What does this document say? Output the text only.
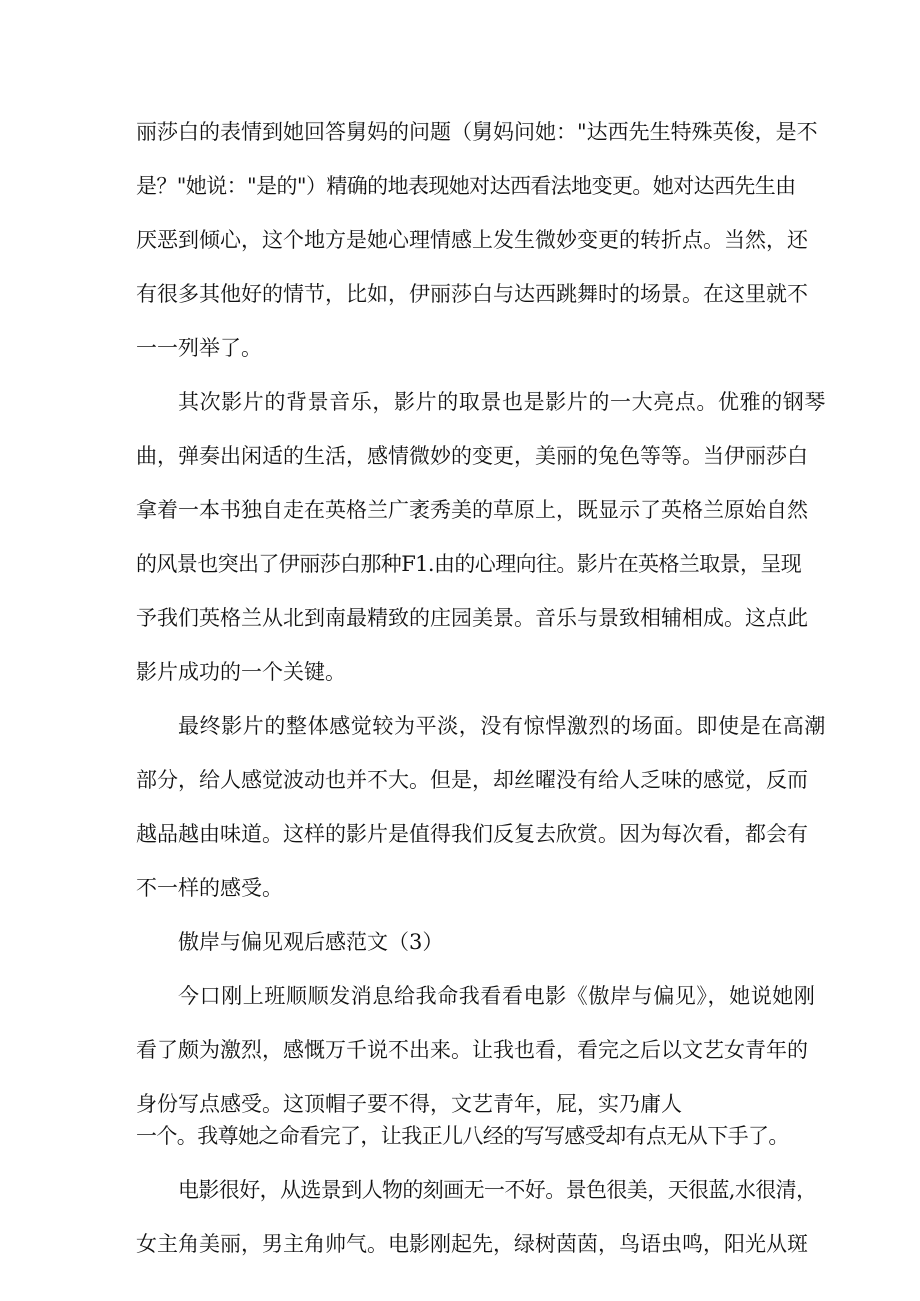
丽莎白的表情到她回答舅妈的问题（舅妈问她："达西先生特殊英俊，是不
是？"她说："是的"）精确的地表现她对达西看法地变更。她对达西先生由
厌恶到倾心，这个地方是她心理情感上发生微妙变更的转折点。当然，还
有很多其他好的情节，比如，伊丽莎白与达西跳舞时的场景。在这里就不
一一列举了。
其次影片的背景音乐，影片的取景也是影片的一大亮点。优雅的钢琴
曲，弹奏出闲适的生活，感情微妙的变更，美丽的兔色等等。当伊丽莎白
拿着一本书独自走在英格兰广袤秀美的草原上，既显示了英格兰原始自然
的风景也突出了伊丽莎白那种F1.由的心理向往。影片在英格兰取景，呈现
予我们英格兰从北到南最精致的庄园美景。音乐与景致相辅相成。这点此
影片成功的一个关键。
最终影片的整体感觉较为平淡，没有惊悍激烈的场面。即使是在高潮
部分，给人感觉波动也并不大。但是，却丝曜没有给人乏味的感觉，反而
越品越由味道。这样的影片是值得我们反复去欣赏。因为每次看，都会有
不一样的感受。
傲岸与偏见观后感范文（3）
今口刚上班顺顺发消息给我命我看看电影《傲岸与偏见》，她说她刚
看了颇为激烈，感慨万千说不出来。让我也看，看完之后以文艺女青年的
身份写点感受。这顶帽子要不得，文艺青年，屁，实乃庸人
一个。我尊她之命看完了，让我正儿八经的写写感受却有点无从下手了。
电影很好，从选景到人物的刻画无一不好。景色很美，天很蓝,水很清，
女主角美丽，男主角帅气。电影刚起先，绿树茵茵，鸟语虫鸣，阳光从斑
